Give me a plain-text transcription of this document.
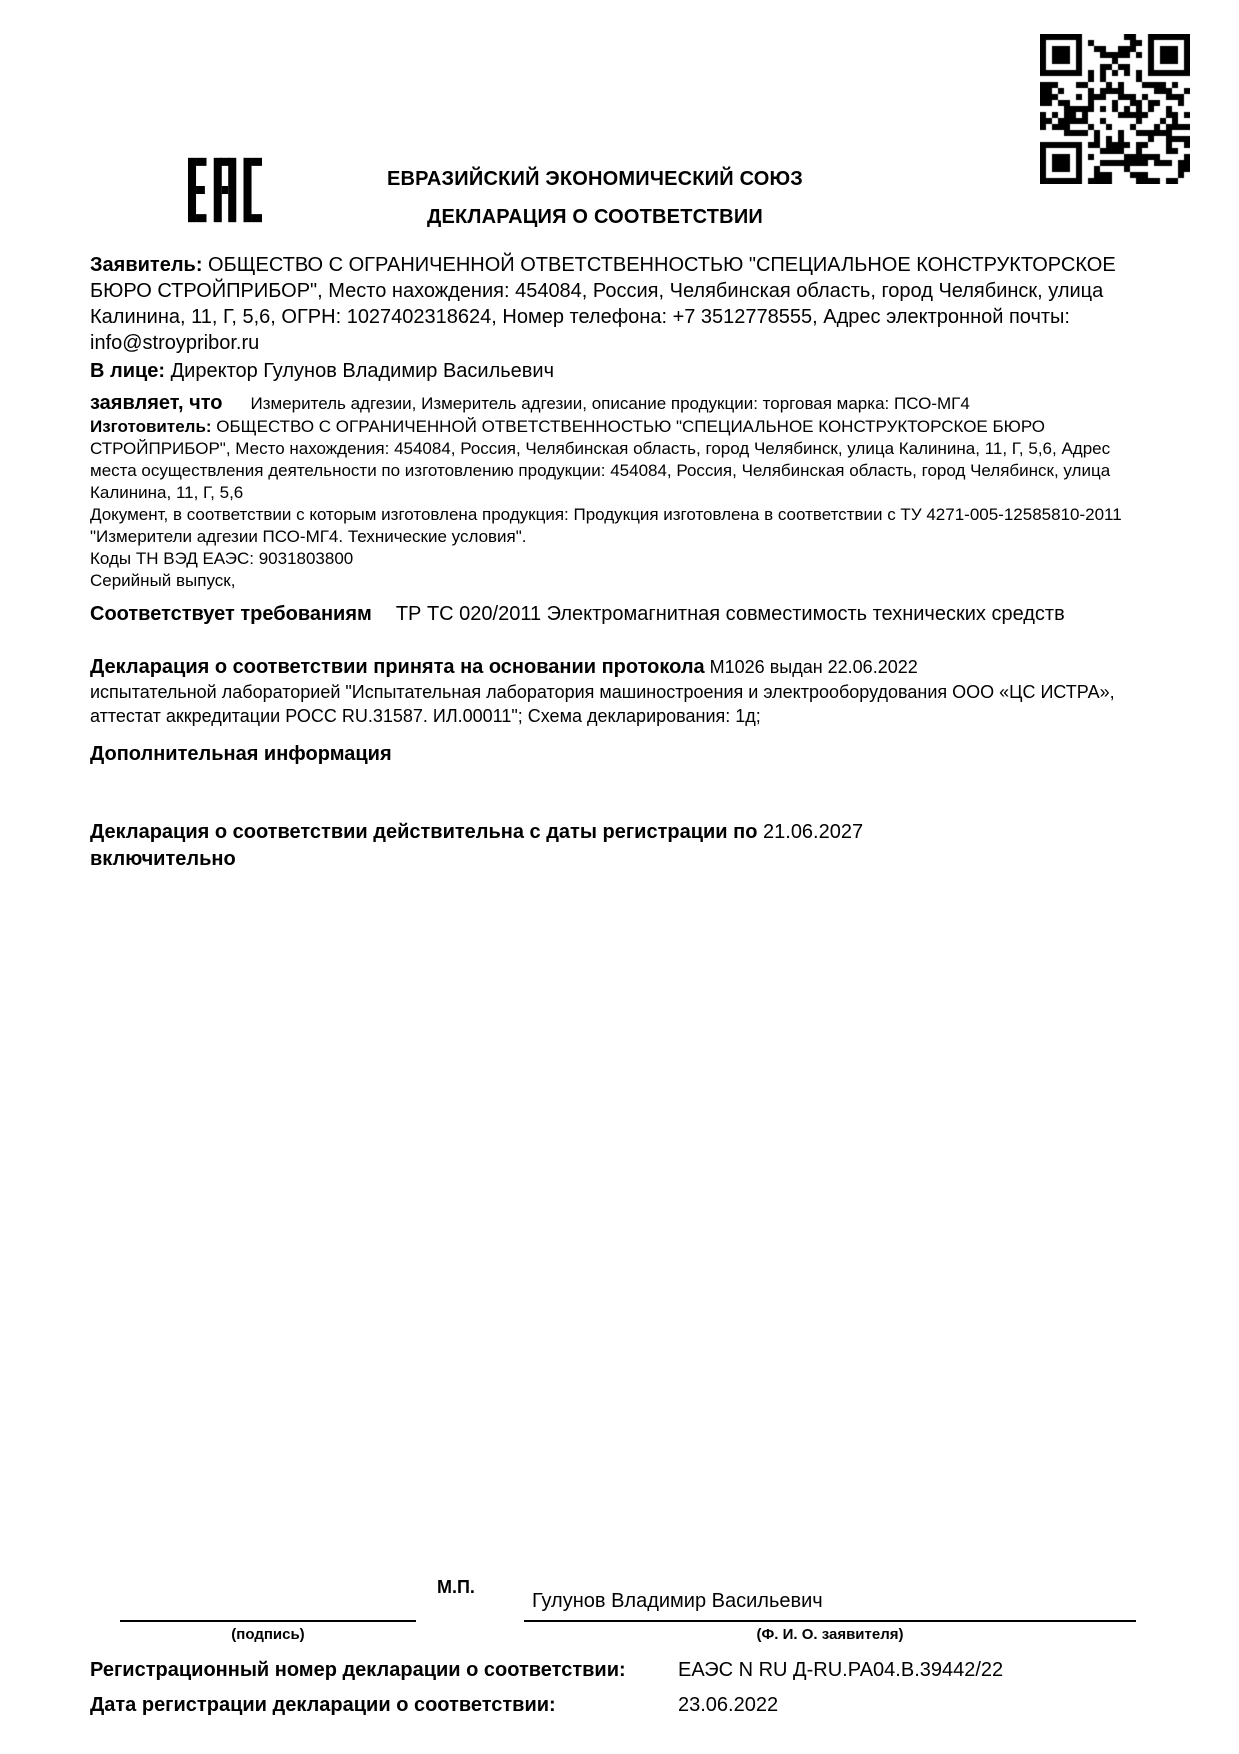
ЕВРАЗИЙСКИЙ ЭКОНОМИЧЕСКИЙ СОЮЗ
ДЕКЛАРАЦИЯ О СООТВЕТСТВИИ

Заявитель: ОБЩЕСТВО С ОГРАНИЧЕННОЙ ОТВЕТСТВЕННОСТЬЮ "СПЕЦИАЛЬНОЕ КОНСТРУКТОРСКОЕ БЮРО СТРОЙПРИБОР", Место нахождения: 454084, Россия, Челябинская область, город Челябинск, улица Калинина, 11, Г, 5,6, ОГРН: 1027402318624, Номер телефона: +7 3512778555, Адрес электронной почты: info@stroypribor.ru

В лице: Директор Гулунов Владимир Васильевич

заявляет, что Измеритель адгезии, Измеритель адгезии, описание продукции: торговая марка: ПСО-МГ4

Изготовитель: ОБЩЕСТВО С ОГРАНИЧЕННОЙ ОТВЕТСТВЕННОСТЬЮ "СПЕЦИАЛЬНОЕ КОНСТРУКТОРСКОЕ БЮРО СТРОЙПРИБОР", Место нахождения: 454084, Россия, Челябинская область, город Челябинск, улица Калинина, 11, Г, 5,6, Адрес места осуществления деятельности по изготовлению продукции: 454084, Россия, Челябинская область, город Челябинск, улица Калинина, 11, Г, 5,6

Документ, в соответствии с которым изготовлена продукция: Продукция изготовлена в соответствии с ТУ 4271-005-12585810-2011 "Измерители адгезии ПСО-МГ4. Технические условия".

Коды ТН ВЭД ЕАЭС: 9031803800

Серийный выпуск,

Соответствует требованиям ТР ТС 020/2011 Электромагнитная совместимость технических средств

Декларация о соответствии принята на основании протокола М1026 выдан 22.06.2022

испытательной лабораторией "Испытательная лаборатория машиностроения и электрооборудования ООО «ЦС ИСТРА», аттестат аккредитации РОСС RU.31587. ИЛ.00011"; Схема декларирования: 1д;

Дополнительная информация

Декларация о соответствии действительна с даты регистрации по 21.06.2027

включительно

М.П.
Гулунов Владимир Васильевич
(подпись)	(Ф. И. О. заявителя)
Регистрационный номер декларации о соответствии:	ЕАЭС N RU Д-RU.РА04.В.39442/22
Дата регистрации декларации о соответствии:	23.06.2022
